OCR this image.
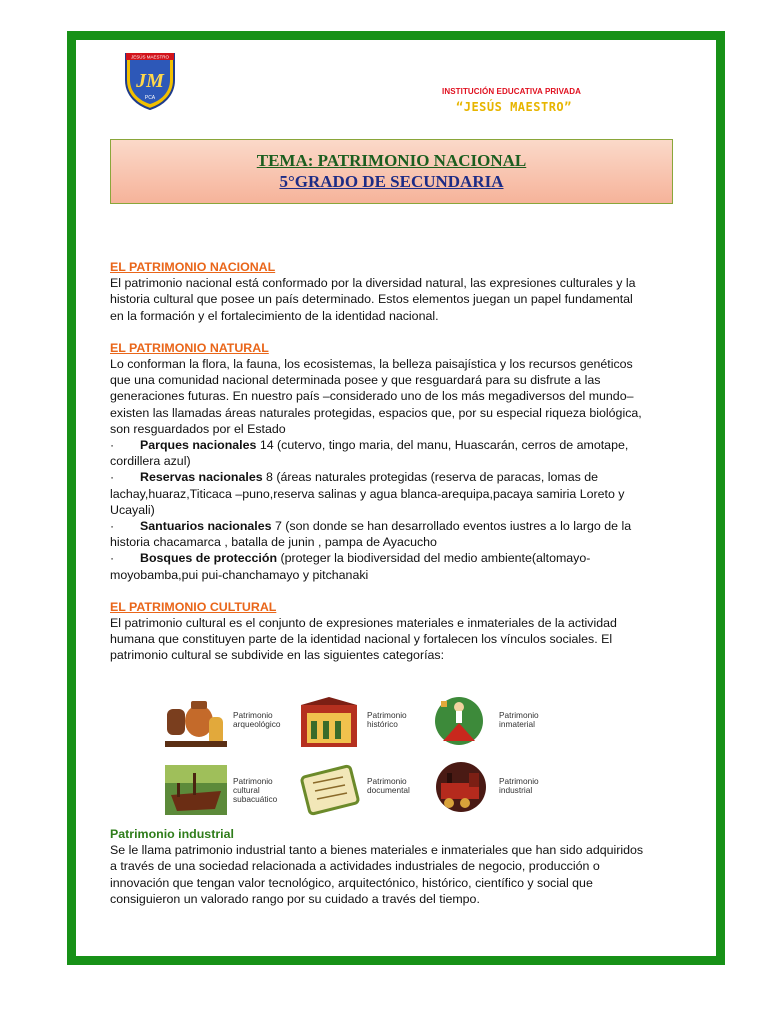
JESÚS MAESTRO
JM
PCA
INSTITUCIÓN EDUCATIVA PRIVADA
“JESÚS MAESTRO”
TEMA: PATRIMONIO NACIONAL
5°GRADO DE SECUNDARIA

EL PATRIMONIO NACIONAL

El patrimonio nacional está conformado por la diversidad natural, las expresiones culturales y la historia cultural que posee un país determinado. Estos elementos juegan un papel fundamental en la formación y el fortalecimiento de la identidad nacional.

EL PATRIMONIO NATURAL

Lo conforman la flora, la fauna, los ecosistemas, la belleza paisajística y los recursos genéticos que una comunidad nacional determinada posee y que resguardará para su disfrute a las generaciones futuras. En nuestro país –considerado uno de los más megadiversos del mundo– existen las llamadas áreas naturales protegidas, espacios que, por su especial riqueza biológica, son resguardados por el Estado

· Parques nacionales 14 (cutervo, tingo maria, del manu, Huascarán, cerros de amotape, cordillera azul)
· Reservas nacionales 8 (áreas naturales protegidas (reserva de paracas, lomas de lachay,huaraz,Titicaca –puno,reserva salinas y agua blanca-arequipa,pacaya samiria Loreto y Ucayali)
· Santuarios nacionales 7 (son donde se han desarrollado eventos iustres a lo largo de la historia chacamarca , batalla de junin , pampa de Ayacucho
· Bosques de protección (proteger la biodiversidad del medio ambiente(altomayo-moyobamba,pui pui-chanchamayo y pitchanaki

EL PATRIMONIO CULTURAL

El patrimonio cultural es el conjunto de expresiones materiales e inmateriales de la actividad humana que constituyen parte de la identidad nacional y fortalecen los vínculos sociales. El patrimonio cultural se subdivide en las siguientes categorías:

Patrimonio
arqueológico
Patrimonio
histórico
Patrimonio
inmaterial
Patrimonio
cultural
subacuático
Patrimonio
documental
Patrimonio
industrial

Patrimonio industrial

Se le llama patrimonio industrial tanto a bienes materiales e inmateriales que han sido adquiridos a través de una sociedad relacionada a actividades industriales de negocio, producción o innovación que tengan valor tecnológico, arquitectónico, histórico, científico y social que consiguieron un valorado rango por su cuidado a través del tiempo.
